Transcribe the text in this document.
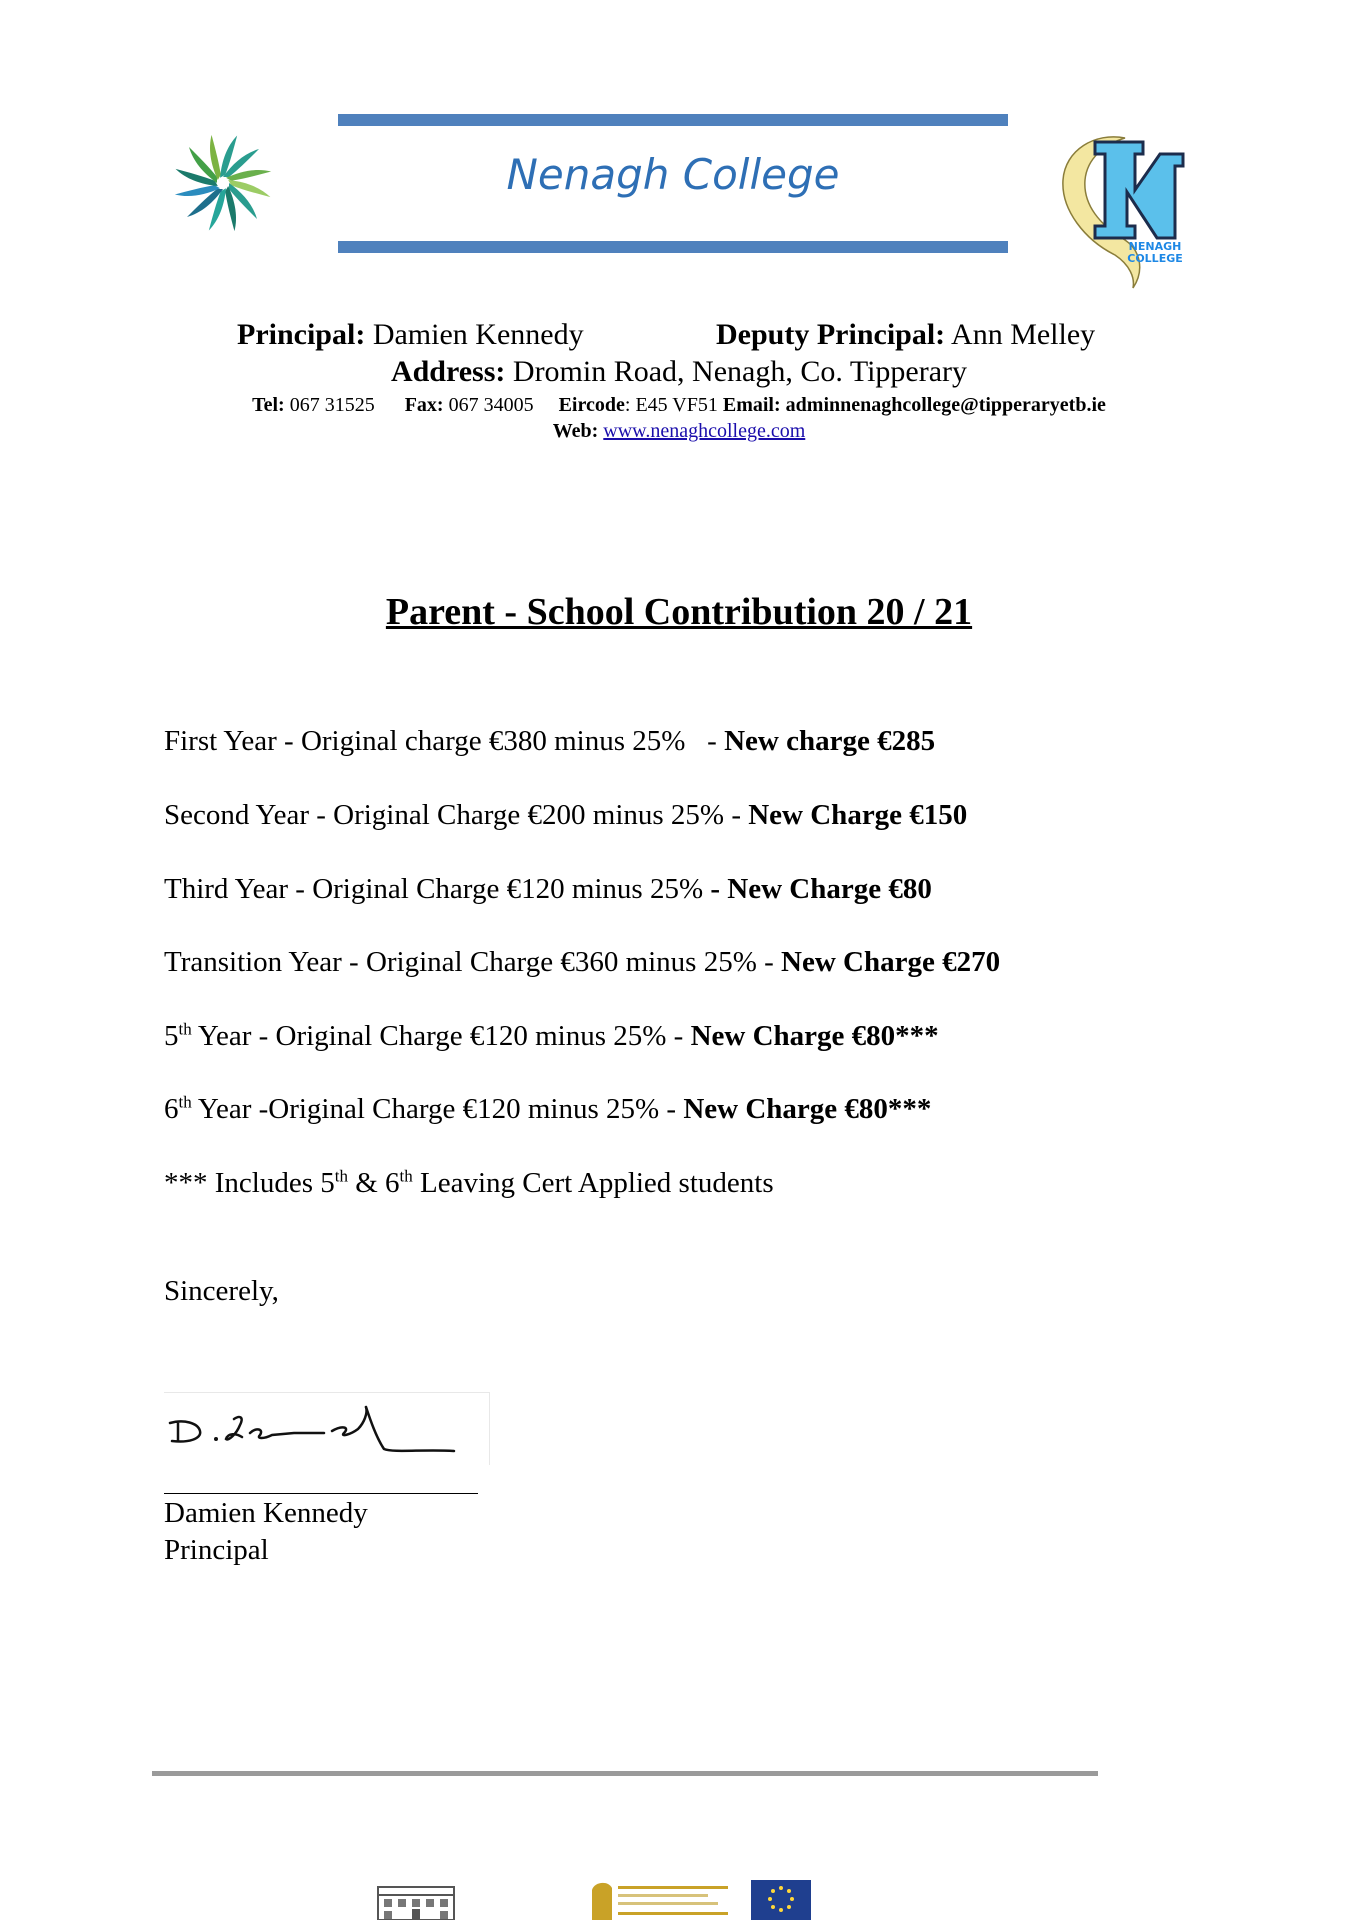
Nenagh College
NENAGH
COLLEGE
Principal: Damien Kennedy	Deputy Principal: Ann Melley
Address: Dromin Road, Nenagh, Co. Tipperary
Tel: 067 31525 Fax: 067 34005 Eircode: E45 VF51 Email: adminnenaghcollege@tipperaryetb.ie
Web: www.nenaghcollege.com
Parent - School Contribution 20 / 21
First Year - Original charge €380 minus 25%   - New charge €285
Second Year - Original Charge €200 minus 25% - New Charge €150
Third Year - Original Charge €120 minus 25% - New Charge €80
Transition Year - Original Charge €360 minus 25% - New Charge €270
5th Year - Original Charge €120 minus 25% - New Charge €80***
6th Year -Original Charge €120 minus 25% - New Charge €80***
*** Includes 5th & 6th Leaving Cert Applied students
Sincerely,
Damien Kennedy
Principal
